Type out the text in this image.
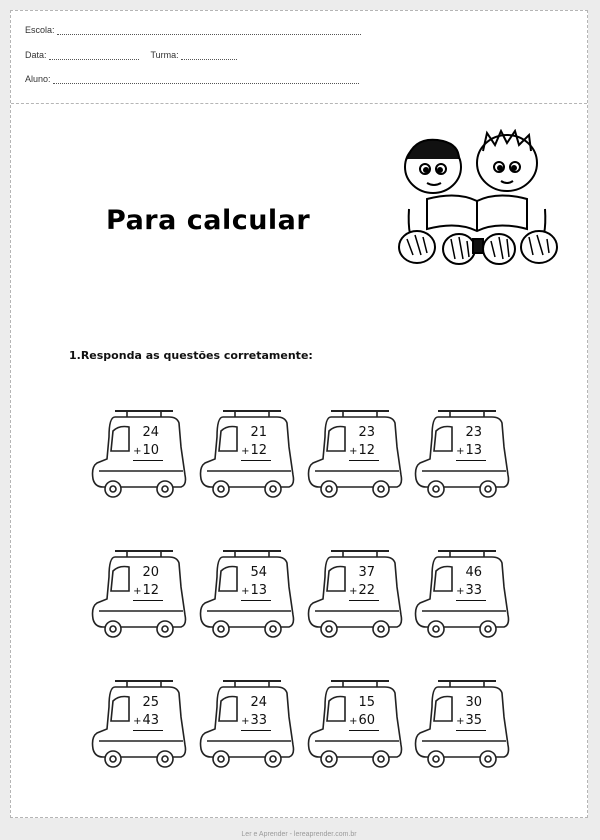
Escola:
Data:	Turma:
Aluno:
Para calcular
1.Responda as questões corretamente:
24
+10
21
+12
23
+12
23
+13
20
+12
54
+13
37
+22
46
+33
25
+43
24
+33
15
+60
30
+35
Ler e Aprender - lereaprender.com.br
